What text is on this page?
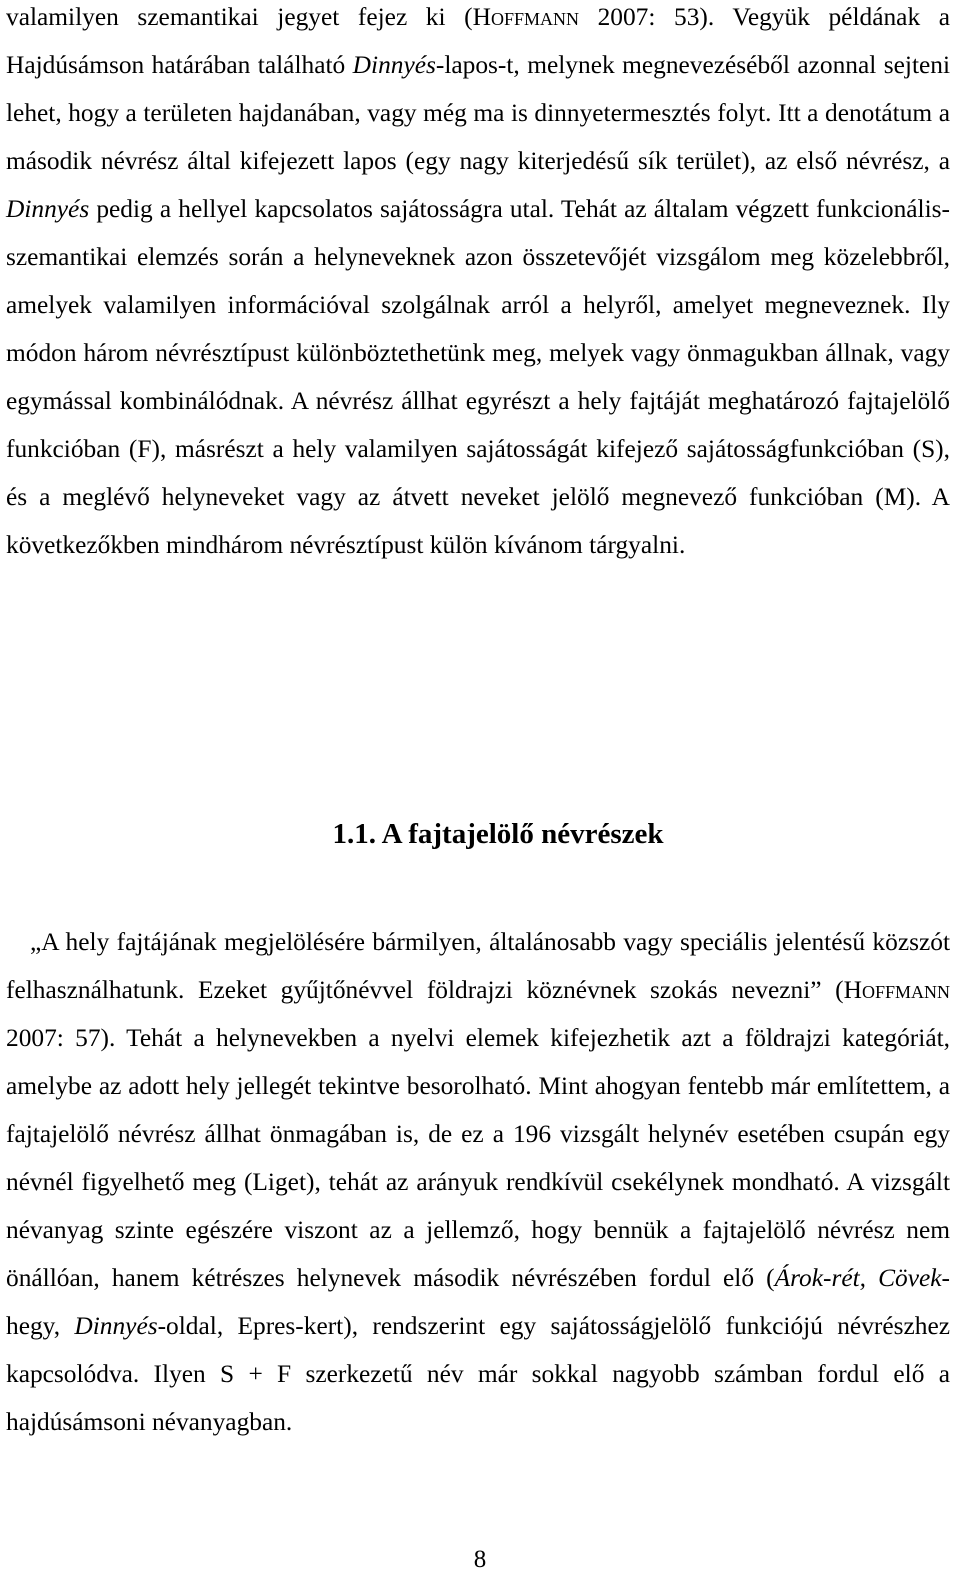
valamilyen szemantikai jegyet fejez ki (Hoffmann 2007: 53). Vegyük példának a Hajdúsámson határában található Dinnyés-lapos-t, melynek megnevezéséből azonnal sejteni lehet, hogy a területen hajdanában, vagy még ma is dinnyetermesztés folyt. Itt a denotátum a második névrész által kifejezett lapos (egy nagy kiterjedésű sík terület), az első névrész, a Dinnyés pedig a hellyel kapcsolatos sajátosságra utal. Tehát az általam végzett funkcionális-szemantikai elemzés során a helyneveknek azon összetevőjét vizsgálom meg közelebbről, amelyek valamilyen információval szolgálnak arról a helyről, amelyet megneveznek. Ily módon három névrésztípust különböztethetünk meg, melyek vagy önmagukban állnak, vagy egymással kombinálódnak. A névrész állhat egyrészt a hely fajtáját meghatározó fajtajelölő funkcióban (F), másrészt a hely valamilyen sajátosságát kifejező sajátosságfunkcióban (S), és a meglévő helyneveket vagy az átvett neveket jelölő megnevező funkcióban (M). A következőkben mindhárom névrésztípust külön kívánom tárgyalni.

1.1. A fajtajelölő névrészek

„A hely fajtájának megjelölésére bármilyen, általánosabb vagy speciális jelentésű közszót felhasználhatunk. Ezeket gyűjtőnévvel földrajzi köznévnek szokás nevezni” (Hoffmann 2007: 57). Tehát a helynevekben a nyelvi elemek kifejezhetik azt a földrajzi kategóriát, amelybe az adott hely jellegét tekintve besorolható. Mint ahogyan fentebb már említettem, a fajtajelölő névrész állhat önmagában is, de ez a 196 vizsgált helynév esetében csupán egy névnél figyelhető meg (Liget), tehát az arányuk rendkívül csekélynek mondható. A vizsgált névanyag szinte egészére viszont az a jellemző, hogy bennük a fajtajelölő névrész nem önállóan, hanem kétrészes helynevek második névrészében fordul elő (Árok-rét, Cövek-hegy, Dinnyés-oldal, Epres-kert), rendszerint egy sajátosságjelölő funkciójú névrészhez kapcsolódva. Ilyen S + F szerkezetű név már sokkal nagyobb számban fordul elő a hajdúsámsoni névanyagban.

8
